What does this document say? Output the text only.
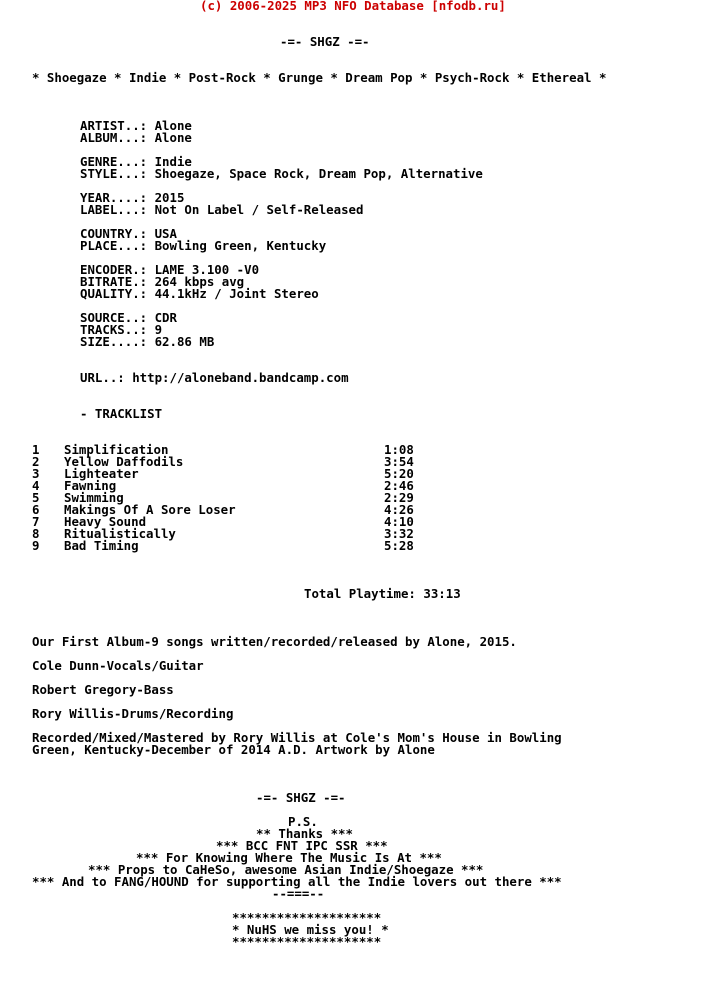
(c) 2006-2025 MP3 NFO Database [nfodb.ru]
-=- SHGZ -=-
* Shoegaze * Indie * Post-Rock * Grunge * Dream Pop * Psych-Rock * Ethereal *
ARTIST..: Alone
ALBUM...: Alone
GENRE...: Indie
STYLE...: Shoegaze, Space Rock, Dream Pop, Alternative
YEAR....: 2015
LABEL...: Not On Label / Self-Released
COUNTRY.: USA
PLACE...: Bowling Green, Kentucky
ENCODER.: LAME 3.100 -V0
BITRATE.: 264 kbps avg
QUALITY.: 44.1kHz / Joint Stereo
SOURCE..: CDR
TRACKS..: 9
SIZE....: 62.86 MB
URL..: http://aloneband.bandcamp.com
- TRACKLIST
1 Simplification	1:08
2 Yellow Daffodils	3:54
3 Lighteater	5:20
4 Fawning	2:46
5 Swimming	2:29
6 Makings Of A Sore Loser	4:26
7 Heavy Sound	4:10
8 Ritualistically	3:32
9 Bad Timing	5:28
Total Playtime: 33:13
Our First Album-9 songs written/recorded/released by Alone, 2015.
Cole Dunn-Vocals/Guitar
Robert Gregory-Bass
Rory Willis-Drums/Recording
Recorded/Mixed/Mastered by Rory Willis at Cole's Mom's House in Bowling
Green, Kentucky-December of 2014 A.D. Artwork by Alone
-=- SHGZ -=-
P.S.
** Thanks ***
*** BCC FNT IPC SSR ***
*** For Knowing Where The Music Is At ***
*** Props to CaHeSo, awesome Asian Indie/Shoegaze ***
*** And to FANG/HOUND for supporting all the Indie lovers out there ***
--===--
********************
* NuHS we miss you! *
********************
